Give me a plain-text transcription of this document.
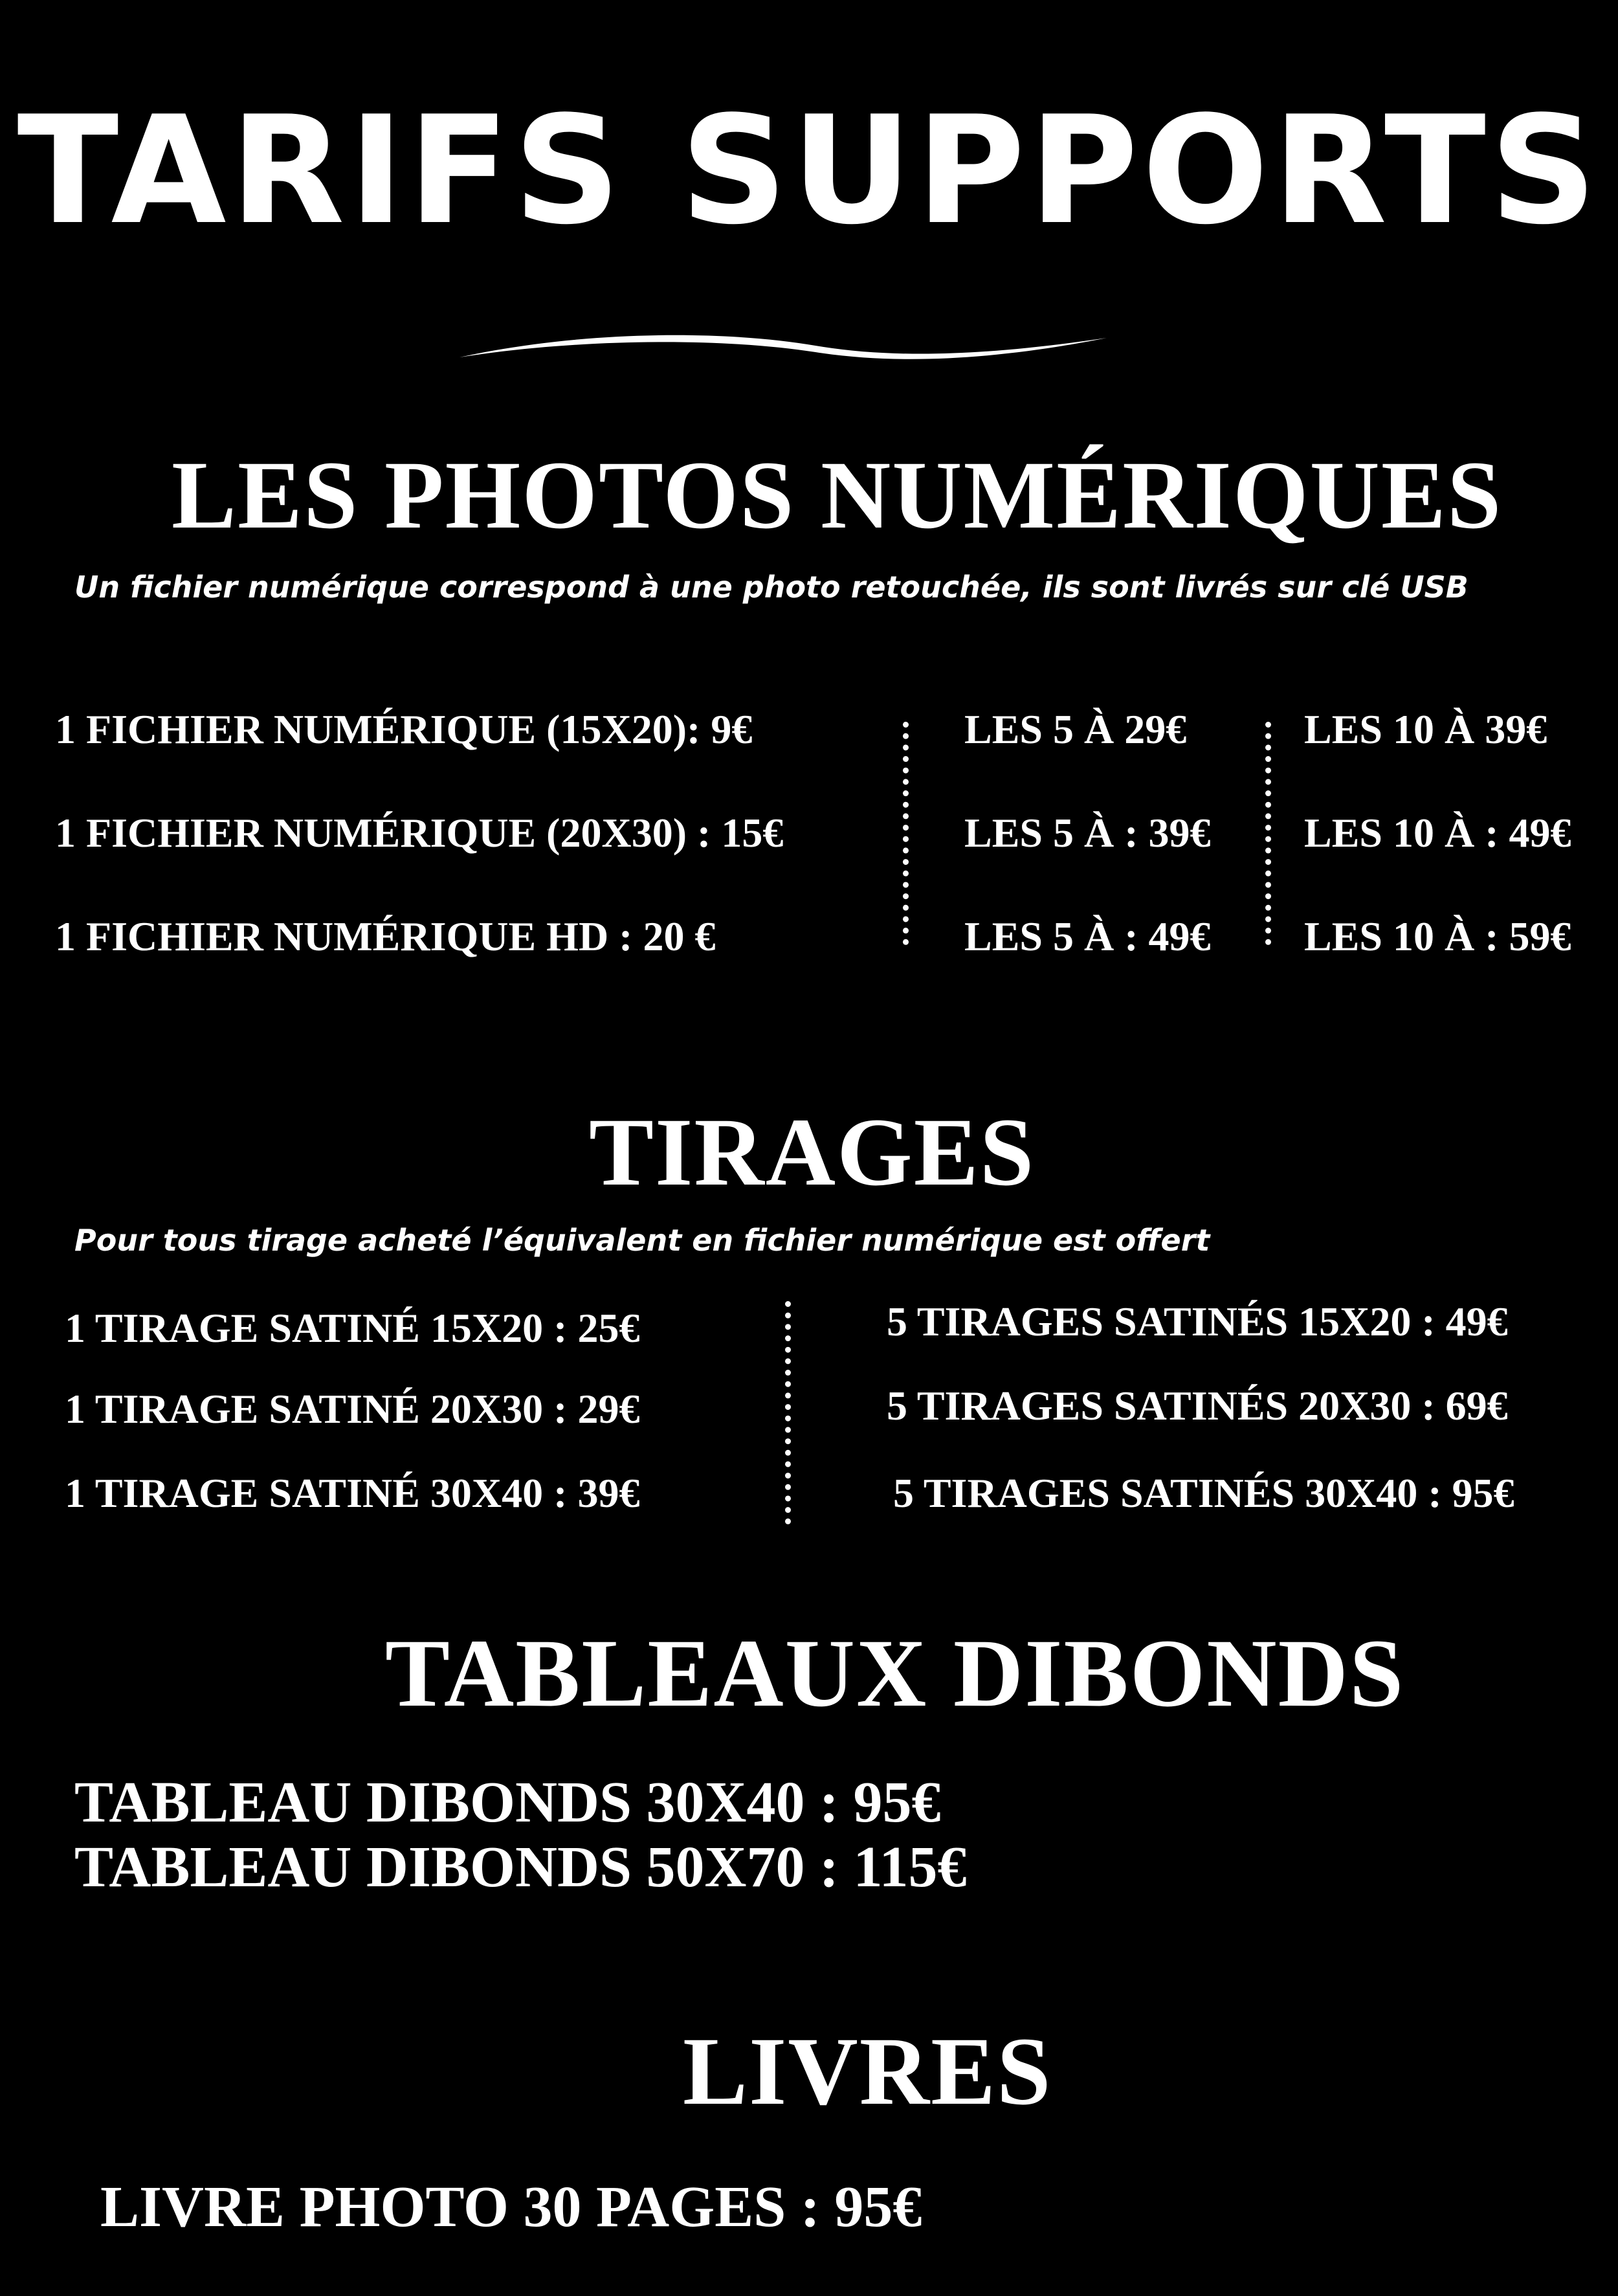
TARIFS SUPPORTS
LES PHOTOS NUMÉRIQUES
Un fichier numérique correspond à une photo retouchée, ils sont livrés sur clé USB
1 FICHIER NUMÉRIQUE (15X20): 9€
1 FICHIER NUMÉRIQUE (20X30) : 15€
1 FICHIER NUMÉRIQUE HD : 20 €
LES 5 À 29€
LES 5 À : 39€
LES 5 À : 49€
LES 10 À 39€
LES 10 À : 49€
LES 10 À : 59€
TIRAGES
Pour tous tirage acheté l’équivalent en fichier numérique est offert
1 TIRAGE SATINÉ 15X20 : 25€
1 TIRAGE SATINÉ 20X30 : 29€
1 TIRAGE SATINÉ 30X40 : 39€
5 TIRAGES SATINÉS 15X20 : 49€
5 TIRAGES SATINÉS 20X30 : 69€
5 TIRAGES SATINÉS 30X40 : 95€
TABLEAUX DIBONDS
TABLEAU DIBONDS 30X40 : 95€
TABLEAU DIBONDS 50X70 : 115€
LIVRES
LIVRE PHOTO 30 PAGES : 95€
